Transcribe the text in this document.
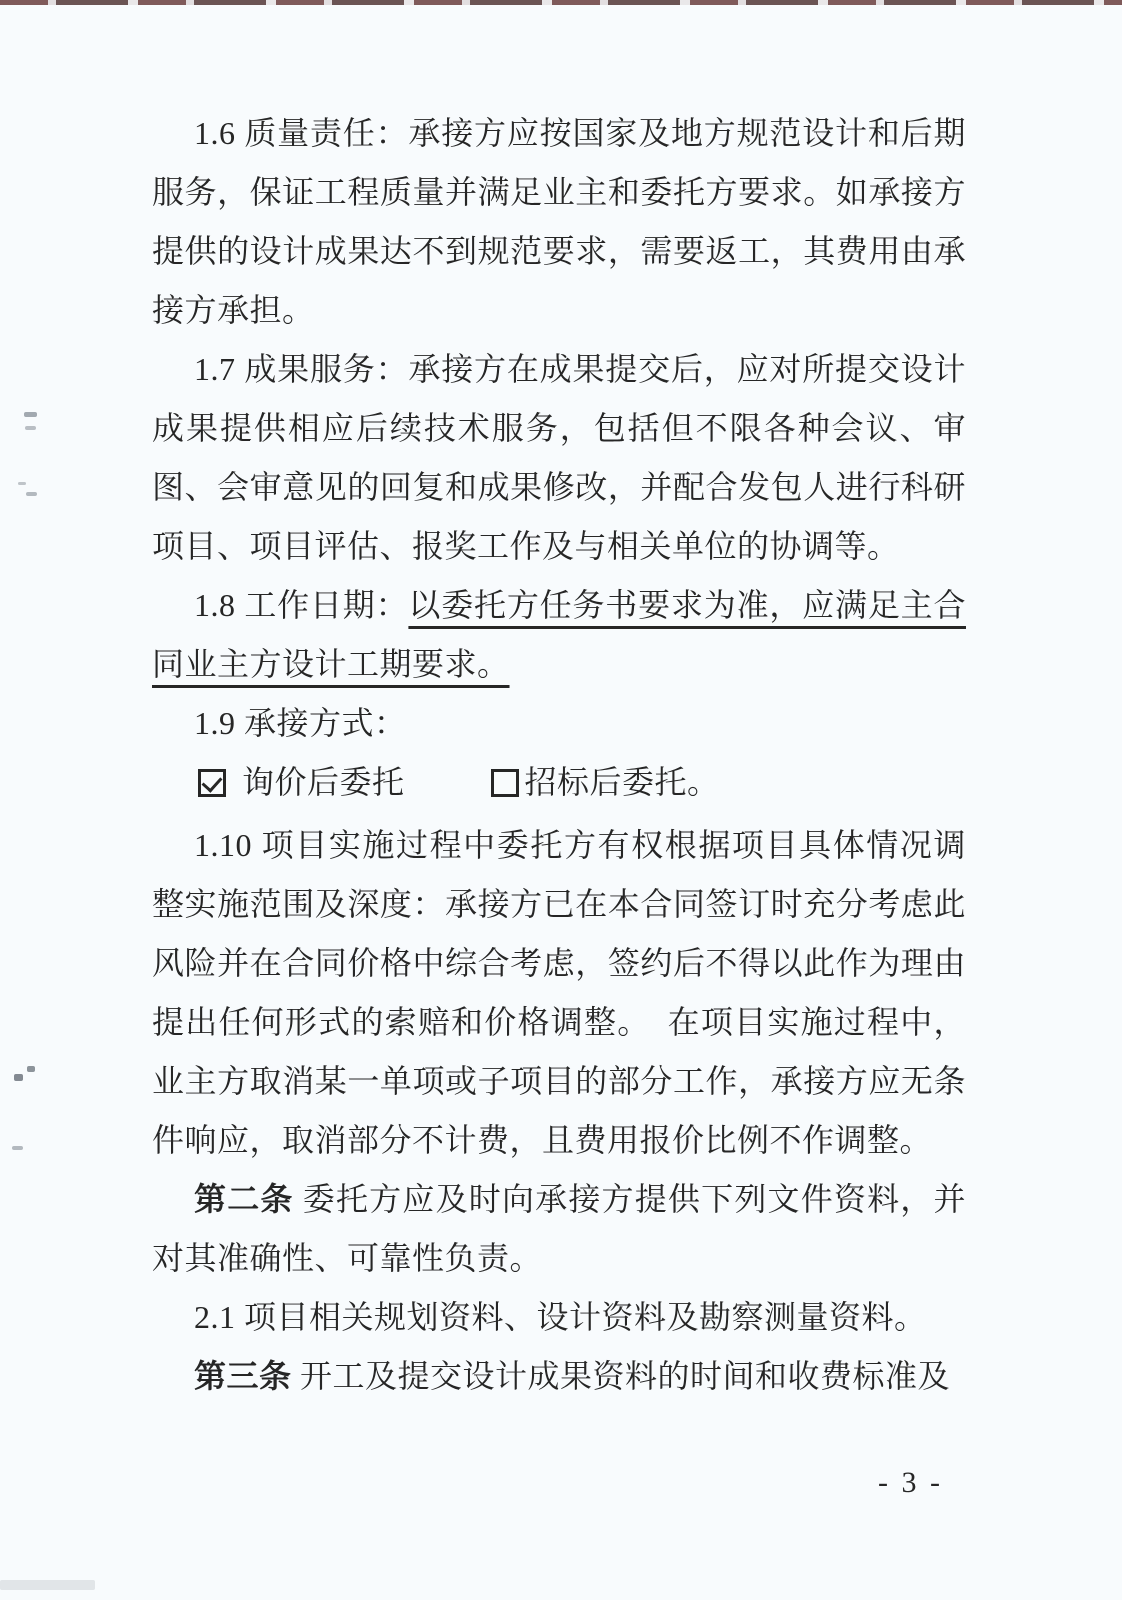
1.6 质量责任：承接方应按国家及地方规范设计和后期服务，保证工程质量并满足业主和委托方要求。如承接方提供的设计成果达不到规范要求，需要返工，其费用由承接方承担。

1.7 成果服务：承接方在成果提交后，应对所提交设计成果提供相应后续技术服务，包括但不限各种会议、审图、会审意见的回复和成果修改，并配合发包人进行科研项目、项目评估、报奖工作及与相关单位的协调等。

1.8 工作日期：以委托方任务书要求为准，应满足主合同业主方设计工期要求。

1.9 承接方式：

询价后委托	招标后委托。

1.10 项目实施过程中委托方有权根据项目具体情况调整实施范围及深度：承接方已在本合同签订时充分考虑此风险并在合同价格中综合考虑，签约后不得以此作为理由提出任何形式的索赔和价格调整。　在项目实施过程中，业主方取消某一单项或子项目的部分工作，承接方应无条件响应，取消部分不计费，且费用报价比例不作调整。

第二条 委托方应及时向承接方提供下列文件资料，并对其准确性、可靠性负责。

2.1 项目相关规划资料、设计资料及勘察测量资料。

第三条 开工及提交设计成果资料的时间和收费标准及

- 3 -
